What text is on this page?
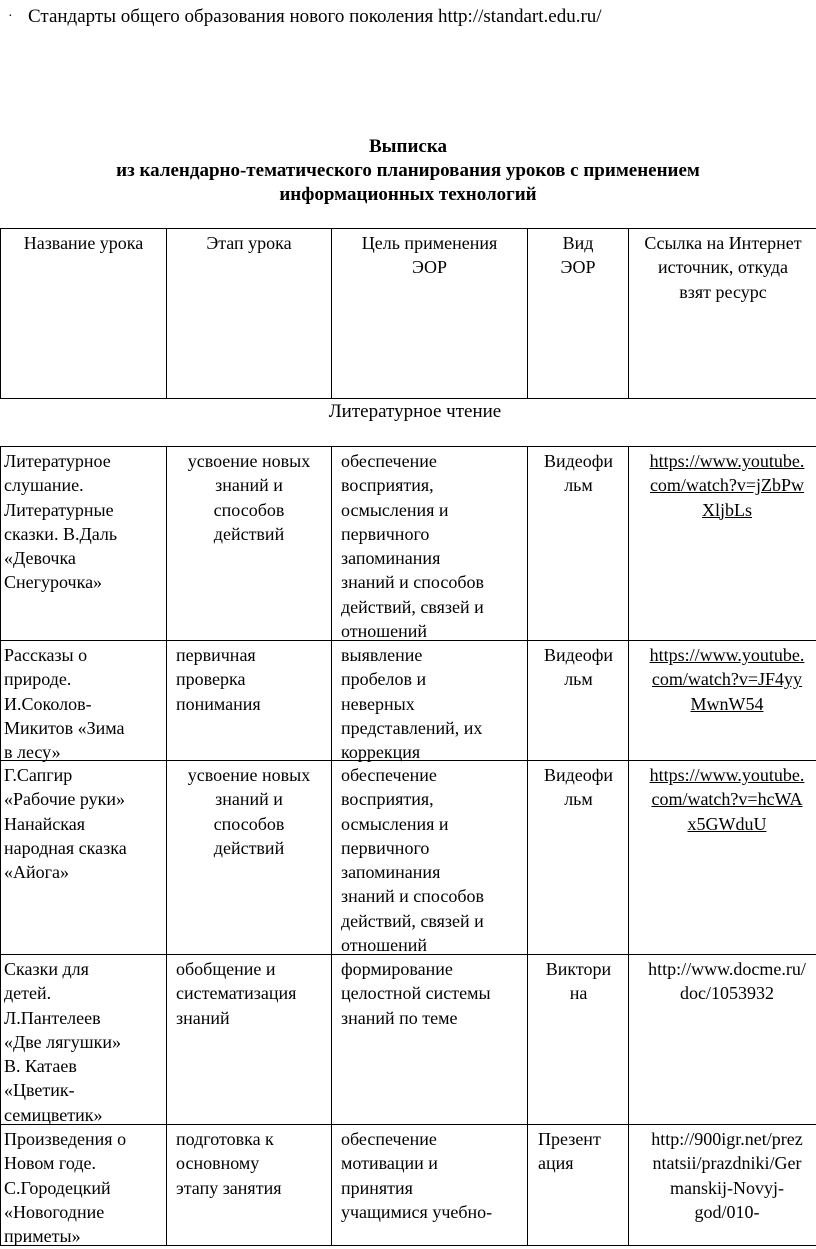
· Стандарты общего образования нового поколения http://standart.edu.ru/
Выписка
из календарно-тематического планирования уроков с применением
информационных технологий
Название урока	Этап урока	Цель применения
ЭОР
Вид
ЭОР
Ссылка на Интернет
источник, откуда
взят ресурс
Литературное чтение
Литературное
слушание.
Литературные
сказки. В.Даль
«Девочка
Снегурочка»
усвоение новых
знаний и
способов
действий
обеспечение
восприятия,
осмысления и
первичного
запоминания
знаний и способов
действий, связей и
отношений
Видеофи
льм
https://www.youtube.
com/watch?v=jZbPw
XljbLs
Рассказы о
природе.
И.Соколов-
Микитов «Зима
в лесу»
первичная
проверка
понимания
выявление
пробелов и
неверных
представлений, их
коррекция
Видеофи
льм
https://www.youtube.
com/watch?v=JF4yy
MwnW54
Г.Сапгир
«Рабочие руки»
Нанайская
народная сказка
«Айога»
усвоение новых
знаний и
способов
действий
обеспечение
восприятия,
осмысления и
первичного
запоминания
знаний и способов
действий, связей и
отношений
Видеофи
льм
https://www.youtube.
com/watch?v=hcWA
x5GWduU
Сказки для
детей.
Л.Пантелеев
«Две лягушки»
В. Катаев
«Цветик-
семицветик»
обобщение и
систематизация
знаний
формирование
целостной системы
знаний по теме
Виктори
на
http://www.docme.ru/
doc/1053932
Произведения о
Новом годе.
С.Городецкий
«Новогодние
приметы»
подготовка к
основному
этапу занятия
обеспечение
мотивации и
принятия
учащимися учебно-
Презент
ация
http://900igr.net/prez
ntatsii/prazdniki/Ger
manskij-Novyj-
god/010-
